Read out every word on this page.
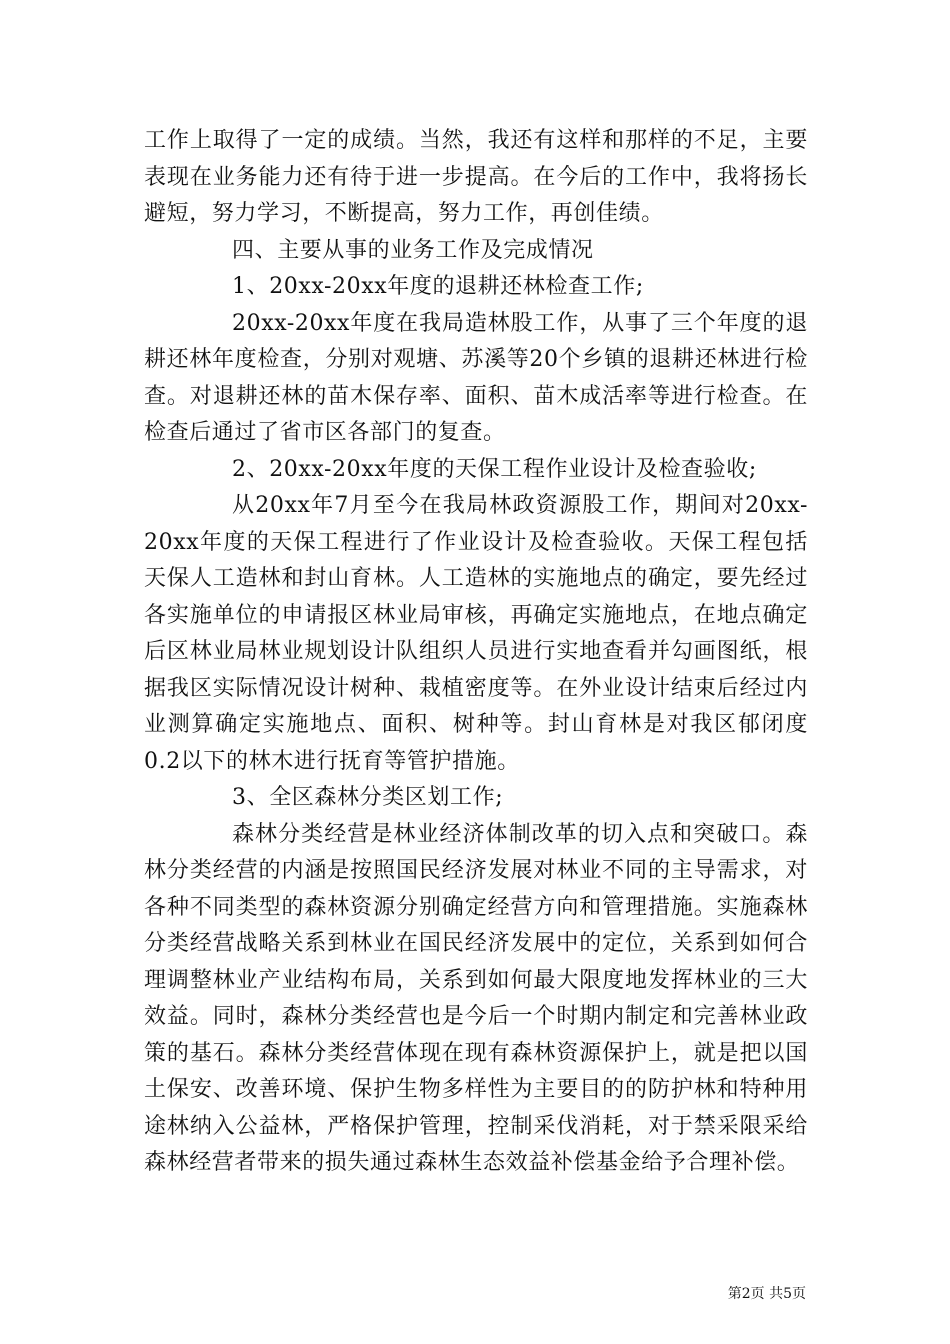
工作上取得了一定的成绩。当然，我还有这样和那样的不足，主要表现在业务能力还有待于进一步提高。在今后的工作中，我将扬长避短，努力学习，不断提高，努力工作，再创佳绩。

四、主要从事的业务工作及完成情况

1、20xx-20xx年度的退耕还林检查工作;

20xx-20xx年度在我局造林股工作，从事了三个年度的退耕还林年度检查，分别对观塘、苏溪等20个乡镇的退耕还林进行检查。对退耕还林的苗木保存率、面积、苗木成活率等进行检查。在检查后通过了省市区各部门的复查。

2、20xx-20xx年度的天保工程作业设计及检查验收;

从20xx年7月至今在我局林政资源股工作，期间对20xx-20xx年度的天保工程进行了作业设计及检查验收。天保工程包括天保人工造林和封山育林。人工造林的实施地点的确定，要先经过各实施单位的申请报区林业局审核，再确定实施地点，在地点确定后区林业局林业规划设计队组织人员进行实地查看并勾画图纸，根据我区实际情况设计树种、栽植密度等。在外业设计结束后经过内业测算确定实施地点、面积、树种等。封山育林是对我区郁闭度0.2以下的林木进行抚育等管护措施。

3、全区森林分类区划工作;

森林分类经营是林业经济体制改革的切入点和突破口。森林分类经营的内涵是按照国民经济发展对林业不同的主导需求，对各种不同类型的森林资源分别确定经营方向和管理措施。实施森林分类经营战略关系到林业在国民经济发展中的定位，关系到如何合理调整林业产业结构布局，关系到如何最大限度地发挥林业的三大效益。同时，森林分类经营也是今后一个时期内制定和完善林业政策的基石。森林分类经营体现在现有森林资源保护上，就是把以国土保安、改善环境、保护生物多样性为主要目的的防护林和特种用途林纳入公益林，严格保护管理，控制采伐消耗，对于禁采限采给森林经营者带来的损失通过森林生态效益补偿基金给予合理补偿。

第2页 共5页
